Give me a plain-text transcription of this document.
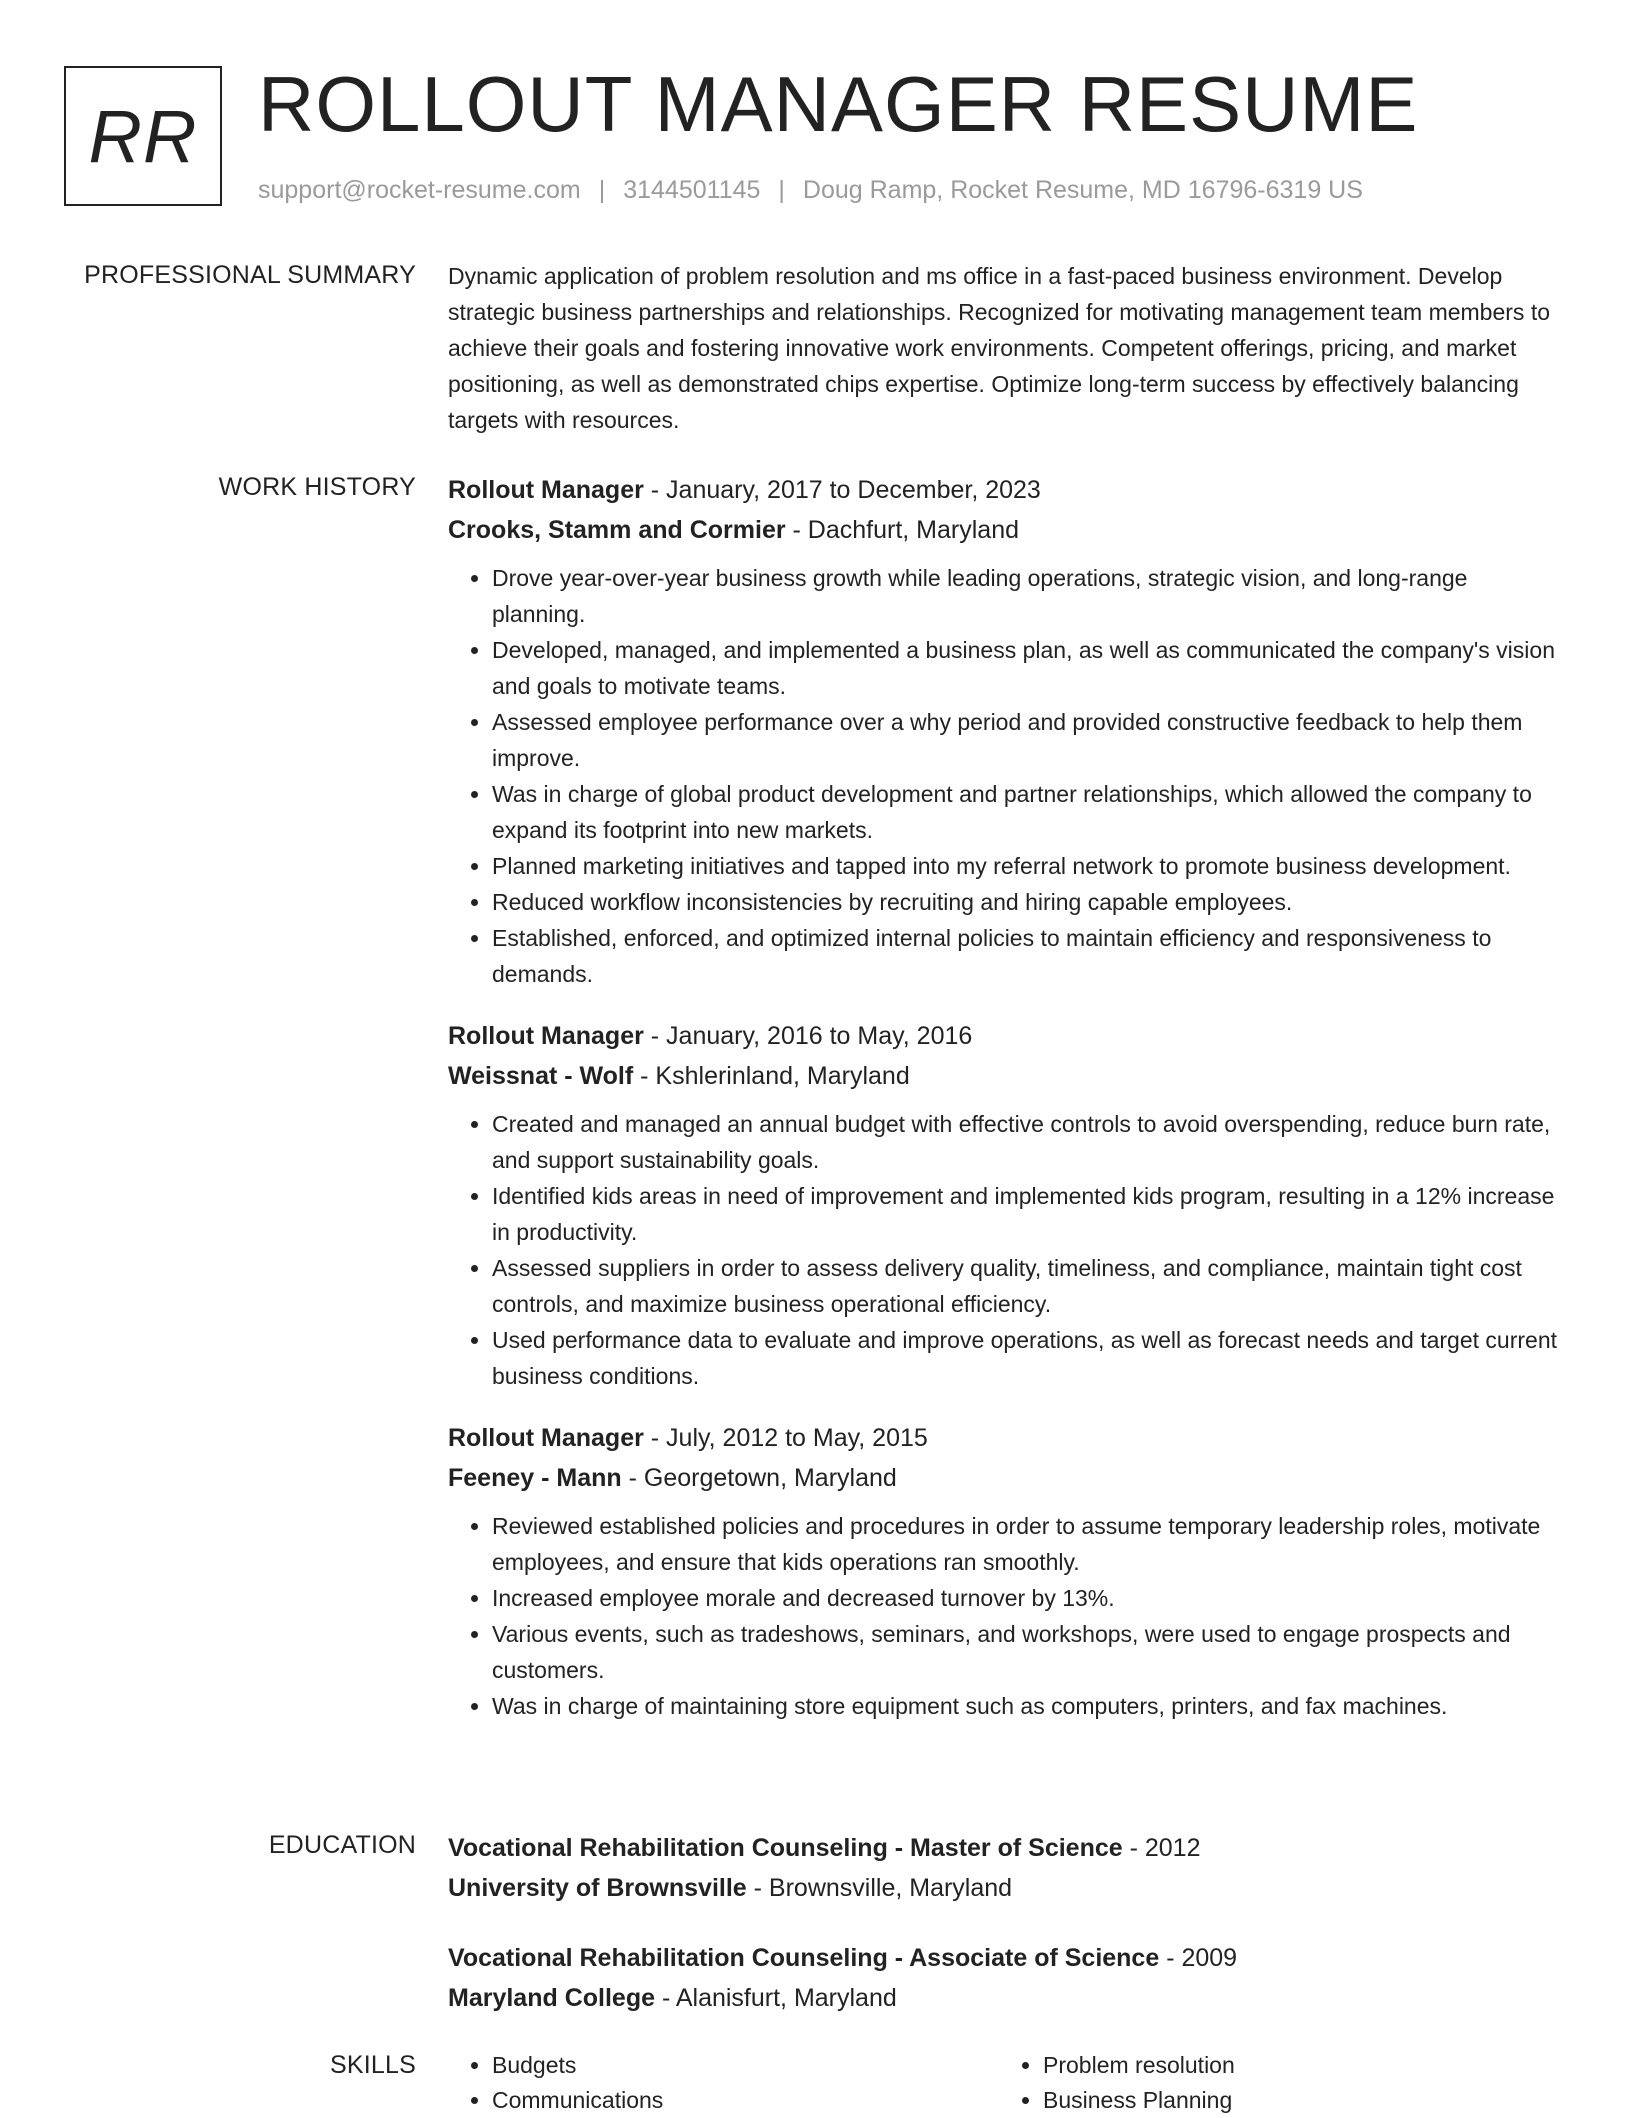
RR ROLLOUT MANAGER RESUME
support@rocket-resume.com | 3144501145 | Doug Ramp, Rocket Resume, MD 16796-6319 US
PROFESSIONAL SUMMARY Dynamic application of problem resolution and ms office in a fast-paced business environment. Develop strategic business partnerships and relationships. Recognized for motivating management team members to achieve their goals and fostering innovative work environments. Competent offerings, pricing, and market positioning, as well as demonstrated chips expertise. Optimize long-term success by effectively balancing targets with resources.

WORK HISTORY Rollout Manager - January, 2017 to December, 2023
Crooks, Stamm and Cormier - Dachfurt, Maryland
• Drove year-over-year business growth while leading operations, strategic vision, and long-range planning.
• Developed, managed, and implemented a business plan, as well as communicated the company's vision and goals to motivate teams.
• Assessed employee performance over a why period and provided constructive feedback to help them improve.
• Was in charge of global product development and partner relationships, which allowed the company to expand its footprint into new markets.
• Planned marketing initiatives and tapped into my referral network to promote business development.
• Reduced workflow inconsistencies by recruiting and hiring capable employees.
• Established, enforced, and optimized internal policies to maintain efficiency and responsiveness to demands.
Rollout Manager - January, 2016 to May, 2016
Weissnat - Wolf - Kshlerinland, Maryland
• Created and managed an annual budget with effective controls to avoid overspending, reduce burn rate, and support sustainability goals.
• Identified kids areas in need of improvement and implemented kids program, resulting in a 12% increase in productivity.
• Assessed suppliers in order to assess delivery quality, timeliness, and compliance, maintain tight cost controls, and maximize business operational efficiency.
• Used performance data to evaluate and improve operations, as well as forecast needs and target current business conditions.
Rollout Manager - July, 2012 to May, 2015
Feeney - Mann - Georgetown, Maryland
• Reviewed established policies and procedures in order to assume temporary leadership roles, motivate employees, and ensure that kids operations ran smoothly.
• Increased employee morale and decreased turnover by 13%.
• Various events, such as tradeshows, seminars, and workshops, were used to engage prospects and customers.
• Was in charge of maintaining store equipment such as computers, printers, and fax machines.
EDUCATION Vocational Rehabilitation Counseling - Master of Science - 2012
University of Brownsville - Brownsville, Maryland
Vocational Rehabilitation Counseling - Associate of Science - 2009
Maryland College - Alanisfurt, Maryland
SKILLS
•	Budgets
• Communications
• Problem resolution
• Business Planning
